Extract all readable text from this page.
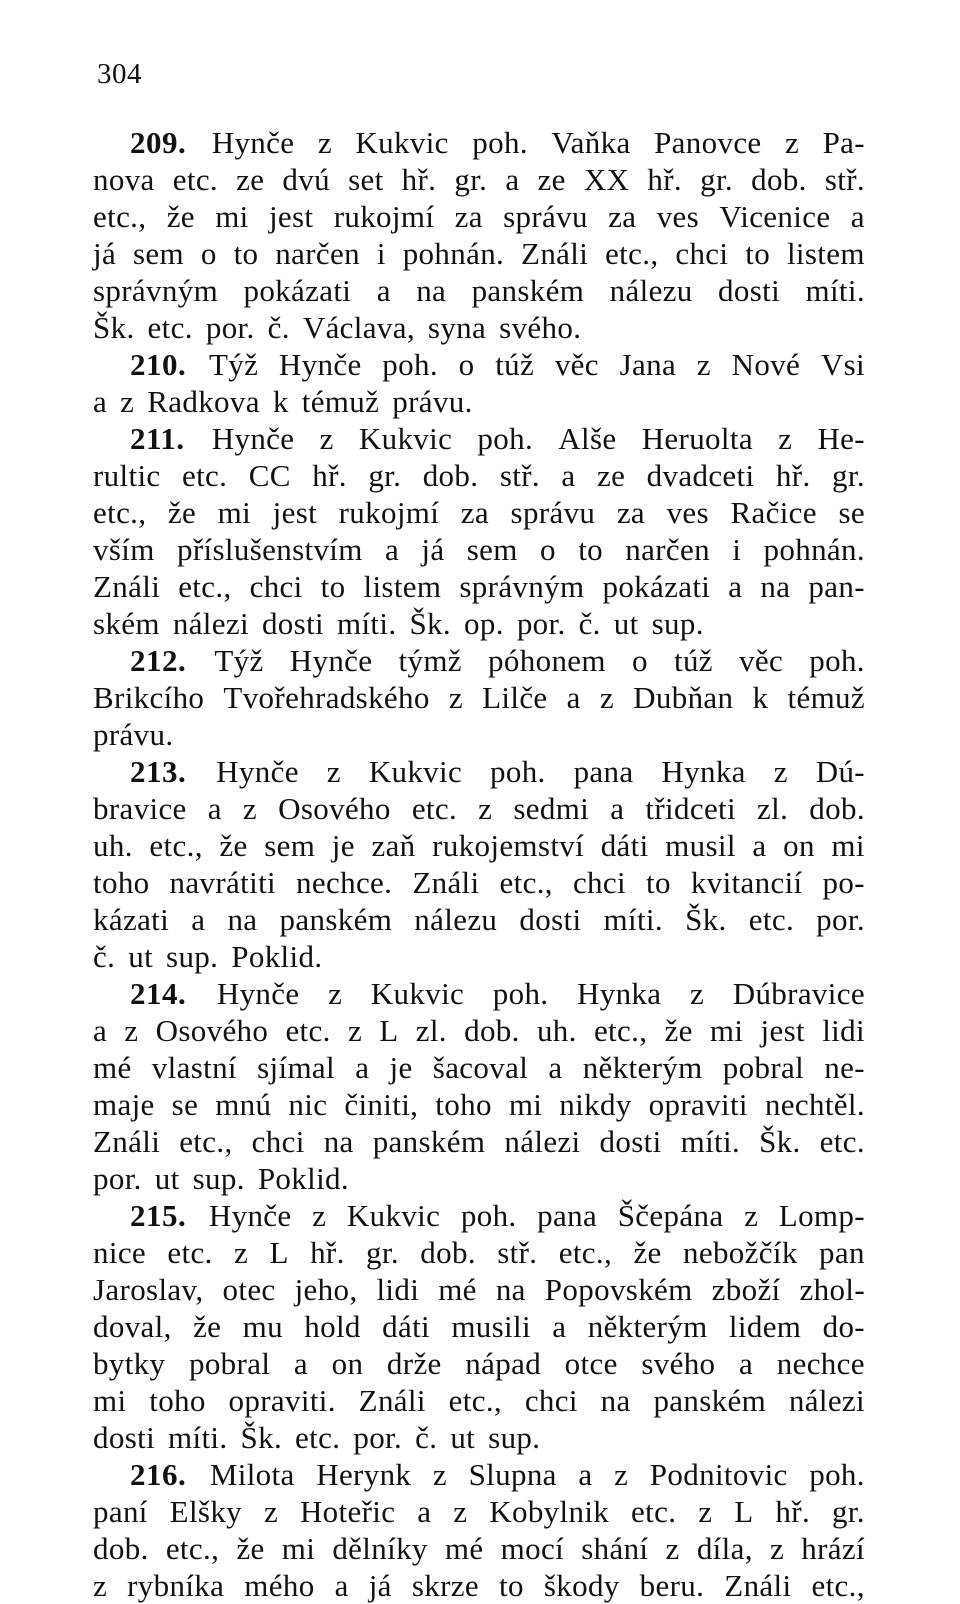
304
209. Hynče z Kukvic poh. Vaňka Panovce z Pa-
nova etc. ze dvú set hř. gr. a ze XX hř. gr. dob. stř.
etc., že mi jest rukojmí za správu za ves Vicenice a
já sem o to narčen i pohnán. Ználi etc., chci to listem
správným pokázati a na panském nálezu dosti míti.
Šk. etc. por. č. Václava, syna svého.
210. Týž Hynče poh. o túž věc Jana z Nové Vsi
a z Radkova k témuž právu.
211. Hynče z Kukvic poh. Alše Heruolta z He-
rultic etc. CC hř. gr. dob. stř. a ze dvadceti hř. gr.
etc., že mi jest rukojmí za správu za ves Račice se
vším příslušenstvím a já sem o to narčen i pohnán.
Ználi etc., chci to listem správným pokázati a na pan-
ském nálezi dosti míti. Šk. op. por. č. ut sup.
212. Týž Hynče týmž póhonem o túž věc poh.
Brikcího Tvořehradského z Lilče a z Dubňan k témuž
právu.
213. Hynče z Kukvic poh. pana Hynka z Dú-
bravice a z Osového etc. z sedmi a třidceti zl. dob.
uh. etc., že sem je zaň rukojemství dáti musil a on mi
toho navrátiti nechce. Ználi etc., chci to kvitancií po-
kázati a na panském nálezu dosti míti. Šk. etc. por.
č. ut sup. Poklid.
214. Hynče z Kukvic poh. Hynka z Dúbravice
a z Osového etc. z L zl. dob. uh. etc., že mi jest lidi
mé vlastní sjímal a je šacoval a některým pobral ne-
maje se mnú nic činiti, toho mi nikdy opraviti nechtěl.
Ználi etc., chci na panském nálezi dosti míti. Šk. etc.
por. ut sup. Poklid.
215. Hynče z Kukvic poh. pana Ščepána z Lomp-
nice etc. z L hř. gr. dob. stř. etc., že nebožčík pan
Jaroslav, otec jeho, lidi mé na Popovském zboží zhol-
doval, že mu hold dáti musili a některým lidem do-
bytky pobral a on drže nápad otce svého a nechce
mi toho opraviti. Ználi etc., chci na panském nálezi
dosti míti. Šk. etc. por. č. ut sup.
216. Milota Herynk z Slupna a z Podnitovic poh.
paní Elšky z Hoteřic a z Kobylnik etc. z L hř. gr.
dob. etc., že mi dělníky mé mocí shání z díla, z hrází
z rybníka mého a já skrze to škody beru. Ználi etc.,
